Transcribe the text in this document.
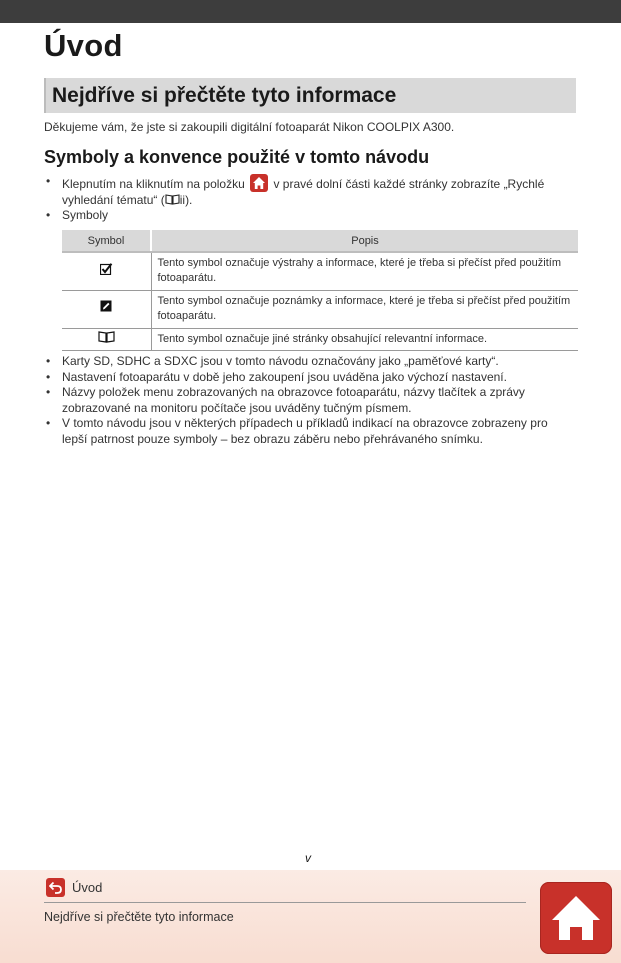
Úvod
Nejdříve si přečtěte tyto informace

Děkujeme vám, že jste si zakoupili digitální fotoaparát Nikon COOLPIX A300.

Symboly a konvence použité v tomto návodu
• Klepnutím na kliknutím na položku v pravé dolní části každé stránky zobrazíte „Rychlé vyhledání tématu“ ( ii).
• Symboly
Symbol	Popis
	Tento symbol označuje výstrahy a informace, které je třeba si přečíst před použitím fotoaparátu.
	Tento symbol označuje poznámky a informace, které je třeba si přečíst před použitím fotoaparátu.
	Tento symbol označuje jiné stránky obsahující relevantní informace.
• Karty SD, SDHC a SDXC jsou v tomto návodu označovány jako „paměťové karty“.
• Nastavení fotoaparátu v době jeho zakoupení jsou uváděna jako výchozí nastavení.
• Názvy položek menu zobrazovaných na obrazovce fotoaparátu, názvy tlačítek a zprávy zobrazované na monitoru počítače jsou uváděny tučným písmem.
• V tomto návodu jsou v některých případech u příkladů indikací na obrazovce zobrazeny pro lepší patrnost pouze symboly – bez obrazu záběru nebo přehrávaného snímku.
v
Úvod
Nejdříve si přečtěte tyto informace
